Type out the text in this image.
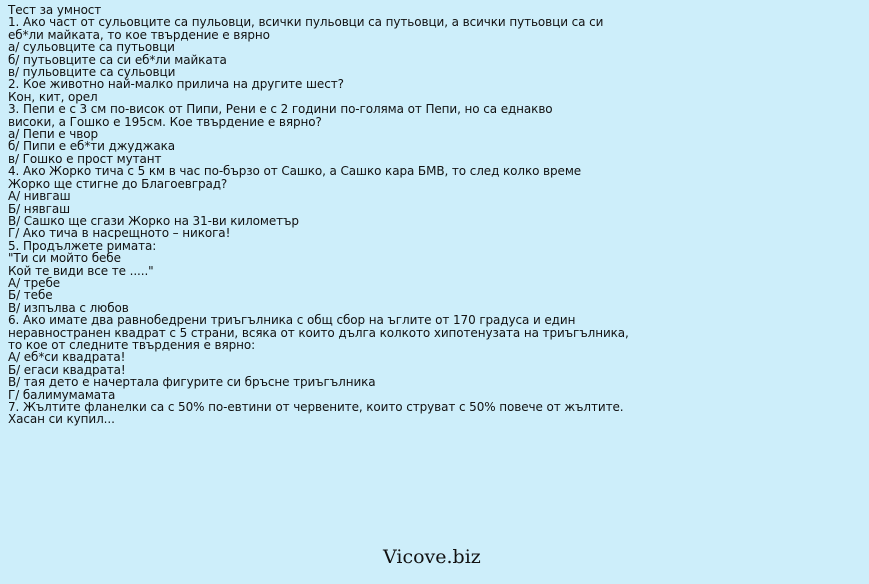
Тест за умност
1. Ако част от сульовците са пульовци, всички пульовци са путьовци, а всички путьовци са си
еб*ли майката, то кое твърдение е вярно
а/ сульовците са путьовци
б/ путьовците са си еб*ли майката
в/ пульовците са сульовци
2. Кое животно най-малко прилича на другите шест?
Кон, кит, орел
3. Пепи е с 3 см по-висок от Пипи, Рени е с 2 години по-голяма от Пепи, но са еднакво
високи, а Гошко е 195см. Кое твърдение е вярно?
а/ Пепи е чвор
б/ Пипи е еб*ти джуджака
в/ Гошко е прост мутант
4. Ако Жорко тича с 5 км в час по-бързо от Сашко, а Сашко кара БМВ, то след колко време
Жорко ще стигне до Благоевград?
А/ нивгаш
Б/ нявгаш
В/ Сашко ще сгази Жорко на 31-ви километър
Г/ Ако тича в насрещното – никога!
5. Продължете римата:
"Ти си мойто бебе
Кой те види все те ....."
А/ требе
Б/ тебе
В/ изпълва с любов
6. Ако имате два равнобедрени триъгълника с общ сбор на ъглите от 170 градуса и един
неравностранен квадрат с 5 страни, всяка от които дълга колкото хипотенузата на триъгълника,
то кое от следните твърдения е вярно:
А/ еб*си квадрата!
Б/ егаси квадрата!
В/ тая дето е начертала фигурите си бръсне триъгълника
Г/ балимумамата
7. Жълтите фланелки са с 50% по-евтини от червените, които струват с 50% повече от жълтите.
Хасан си купил...
Vicove.biz
